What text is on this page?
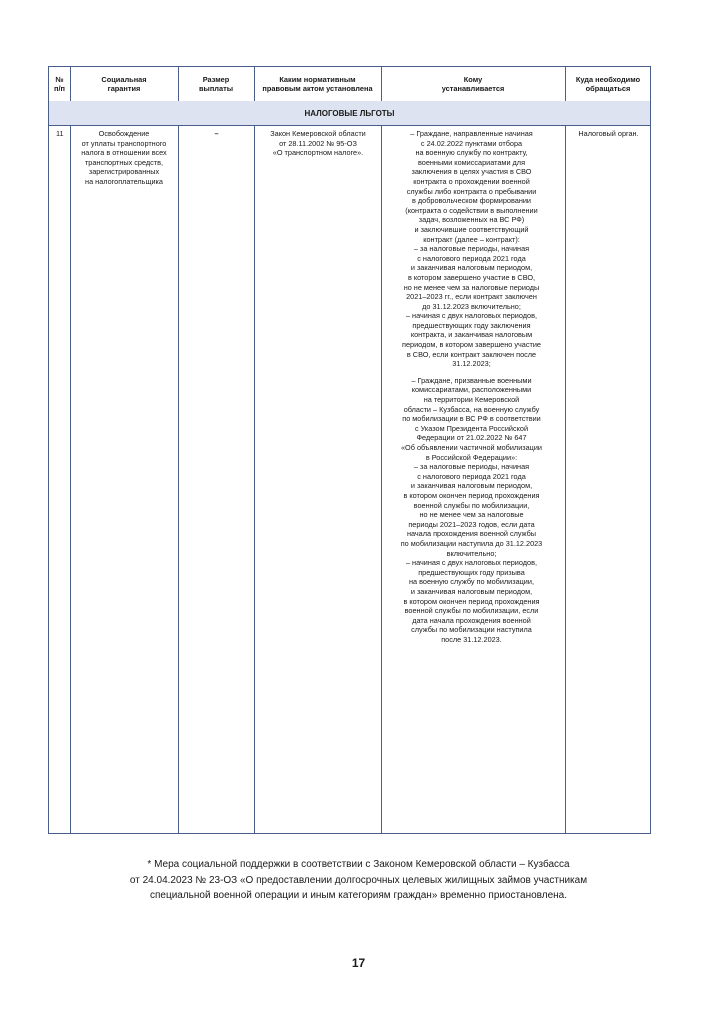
№
п/п
Социальная
гарантия
Размер
выплаты
Каким нормативным
правовым актом установлена
Кому
устанавливается
Куда необходимо
обращаться
НАЛОГОВЫЕ ЛЬГОТЫ
11	Освобождение
от уплаты транспортного
налога в отношении всех
транспортных средств,
зарегистрированных
на налогоплательщика
–	Закон Кемеровской области
от 28.11.2002 № 95-ОЗ
«О транспортном налоге».

– Граждане, направленные начиная
с 24.02.2022 пунктами отбора
на военную службу по контракту,
военными комиссариатами для
заключения в целях участия в СВО
контракта о прохождении военной
службы либо контракта о пребывании
в добровольческом формировании
(контракта о содействии в выполнении
задач, возложенных на ВС РФ)
и заключившие соответствующий
контракт (далее – контракт):
– за налоговые периоды, начиная
с налогового периода 2021 года
и заканчивая налоговым периодом,
в котором завершено участие в СВО,
но не менее чем за налоговые периоды
2021–2023 гг., если контракт заключен
до 31.12.2023 включительно;
– начиная с двух налоговых периодов,
предшествующих году заключения
контракта, и заканчивая налоговым
периодом, в котором завершено участие
в СВО, если контракт заключен после
31.12.2023;

– Граждане, призванные военными
комиссариатами, расположенными
на территории Кемеровской
области – Кузбасса, на военную службу
по мобилизации в ВС РФ в соответствии
с Указом Президента Российской
Федерации от 21.02.2022 № 647
«Об объявлении частичной мобилизации
в Российской Федерации»:
– за налоговые периоды, начиная
с налогового периода 2021 года
и заканчивая налоговым периодом,
в котором окончен период прохождения
военной службы по мобилизации,
но не менее чем за налоговые
периоды 2021–2023 годов, если дата
начала прохождения военной службы
по мобилизации наступила до 31.12.2023
включительно;
– начиная с двух налоговых периодов,
предшествующих году призыва
на военную службу по мобилизации,
и заканчивая налоговым периодом,
в котором окончен период прохождения
военной службы по мобилизации, если
дата начала прохождения военной
службы по мобилизации наступила
после 31.12.2023.

Налоговый орган.
* Мера социальной поддержки в соответствии с Законом Кемеровской области – Кузбасса
от 24.04.2023 № 23-ОЗ «О предоставлении долгосрочных целевых жилищных займов участникам
специальной военной операции и иным категориям граждан» временно приостановлена.
17
